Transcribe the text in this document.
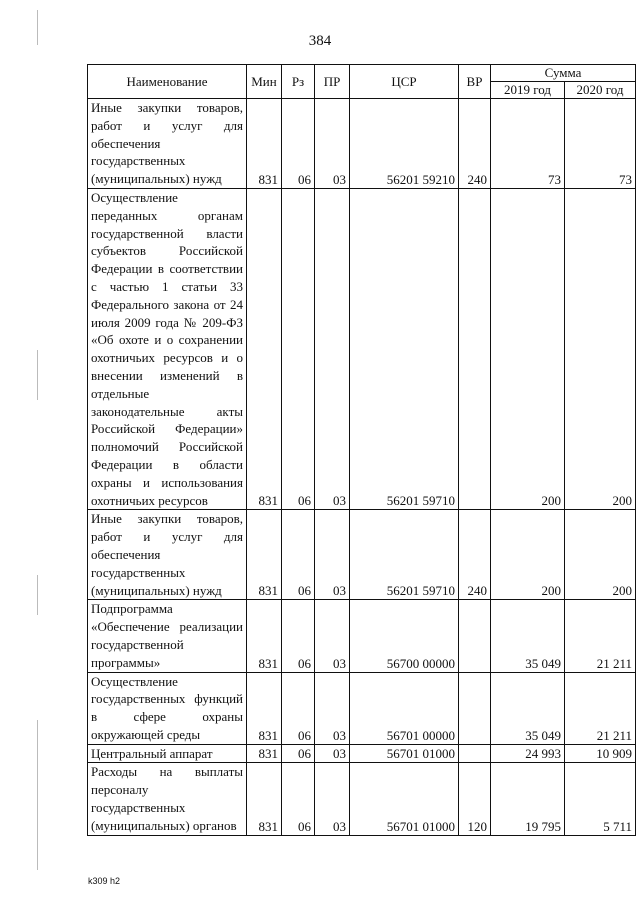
384
Наименование	Мин	Рз	ПР	ЦСР	ВР	Сумма	
						2019 год	2020 год
Иные закупки товаров, работ и услуг для обеспечения государственных (муниципальных) нужд	831	06	03	56201 59210	240	73	73
Осуществление переданных органам государственной власти субъектов Российской Федерации в соответствии с частью 1 статьи 33 Федерального закона от 24 июля 2009 года № 209-ФЗ «Об охоте и о сохранении охотничьих ресурсов и о внесении изменений в отдельные законодательные акты Российской Федерации» полномочий Российской Федерации в области охраны и использования охотничьих ресурсов	831	06	03	56201 59710		200	200
Иные закупки товаров, работ и услуг для обеспечения государственных (муниципальных) нужд	831	06	03	56201 59710	240	200	200
Подпрограмма «Обеспечение реализации государственной программы»	831	06	03	56700 00000		35 049	21 211
Осуществление государственных функций в сфере охраны окружающей среды	831	06	03	56701 00000		35 049	21 211
Центральный аппарат	831	06	03	56701 01000		24 993	10 909
Расходы на выплаты персоналу государственных (муниципальных) органов	831	06	03	56701 01000	120	19 795	5 711
k309 h2
